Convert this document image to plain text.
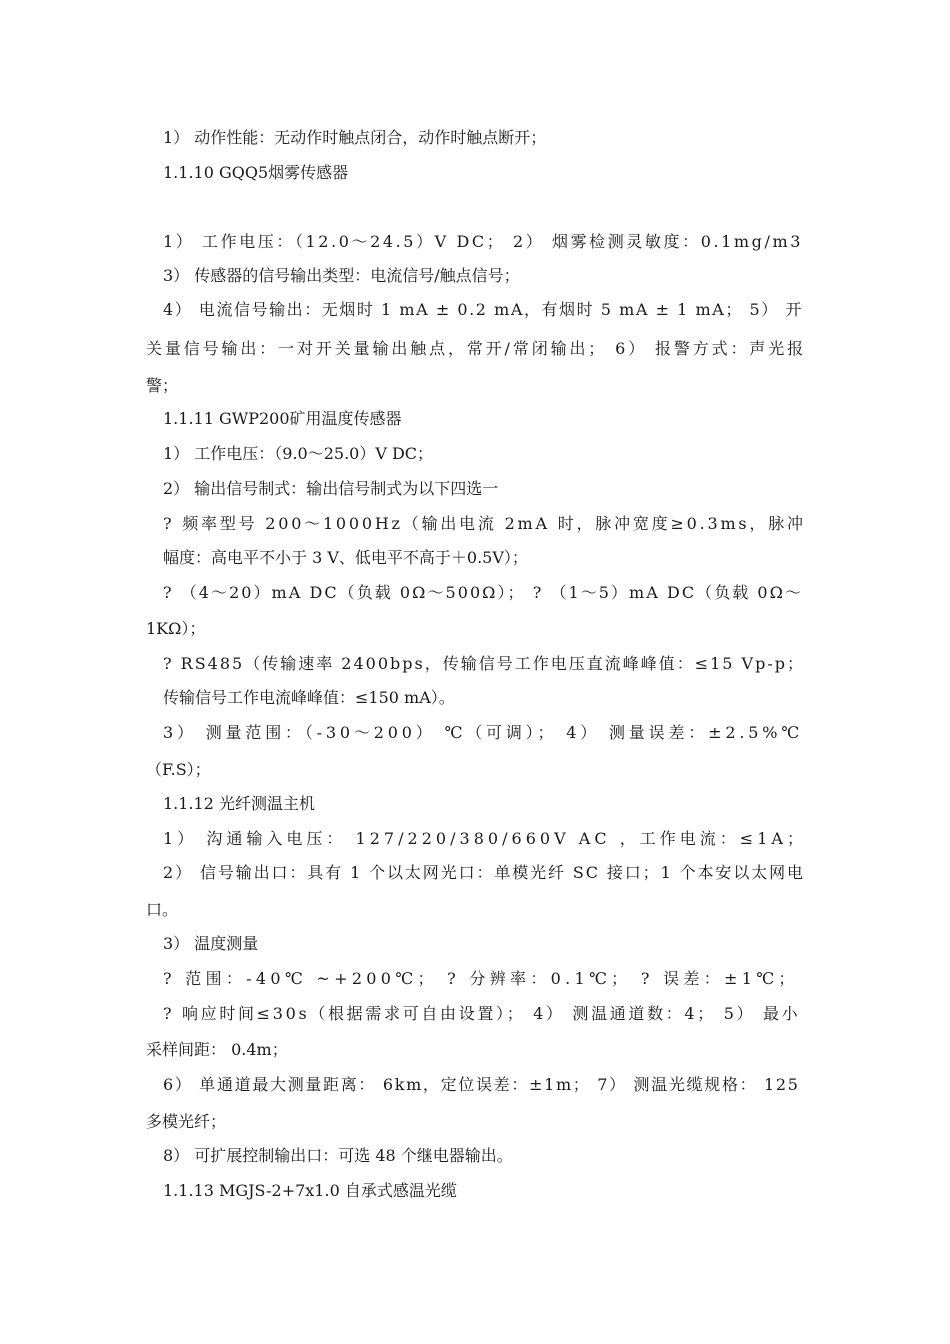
1） 动作性能：无动作时触点闭合，动作时触点断开；
1.1.10 GQQ5烟雾传感器
1） 工作电压：（12.0～24.5）V DC； 2） 烟雾检测灵敏度：0.1mg/m3
3） 传感器的信号输出类型：电流信号/触点信号；
4） 电流信号输出：无烟时 1 mA ± 0.2 mA，有烟时 5 mA ± 1 mA； 5） 开
关量信号输出：一对开关量输出触点，常开/常闭输出； 6） 报警方式：声光报
警；
1.1.11 GWP200矿用温度传感器
1） 工作电压：（9.0～25.0）V DC；
2） 输出信号制式：输出信号制式为以下四选一
? 频率型号 200～1000Hz（输出电流 2mA 时，脉冲宽度≥0.3ms，脉冲
幅度：高电平不小于 3 V、低电平不高于＋0.5V）；
? （4～20）mA DC（负载 0Ω～500Ω）； ? （1～5）mA DC（负载 0Ω～
1KΩ）；
? RS485（传输速率 2400bps，传输信号工作电压直流峰峰值：≤15 Vp-p；
传输信号工作电流峰峰值：≤150 mA）。
3） 测量范围：（-30～200） ℃（可调）； 4） 测量误差：±2.5%℃
（F.S）；
1.1.12 光纤测温主机
1） 沟通输入电压： 127/220/380/660V AC ，工作电流：≤1A；
2） 信号输出口：具有 1 个以太网光口：单模光纤 SC 接口；1 个本安以太网电
口。
3） 温度测量
? 范围：-40℃ ~+200℃； ? 分辨率：0.1℃； ? 误差：±1℃；
? 响应时间≤30s（根据需求可自由设置）； 4） 测温通道数：4； 5） 最小
采样间距： 0.4m；
6） 单通道最大测量距离： 6km，定位误差：±1m； 7） 测温光缆规格： 125
多模光纤；
8） 可扩展控制输出口：可选 48 个继电器输出。
1.1.13 MGJS-2+7x1.0 自承式感温光缆
